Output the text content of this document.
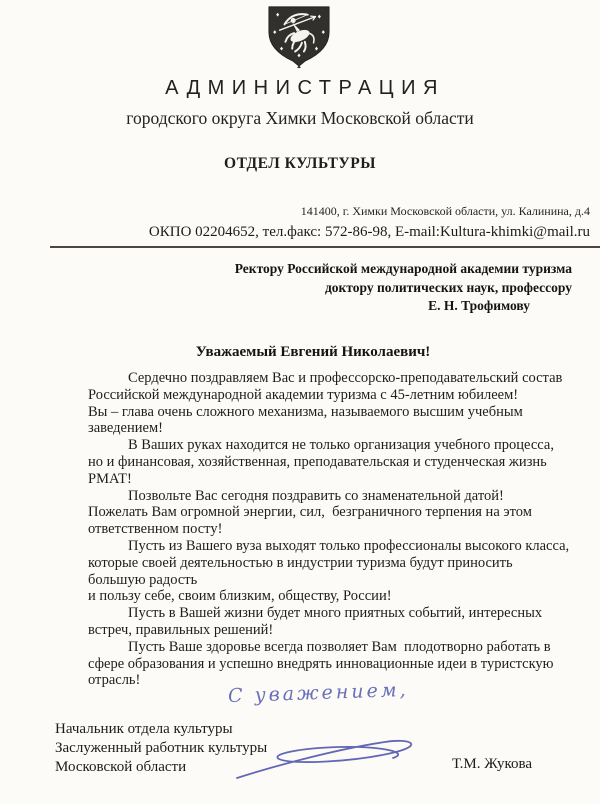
АДМИНИСТРАЦИЯ
городского округа Химки Московской области
ОТДЕЛ КУЛЬТУРЫ
141400, г. Химки Московской области, ул. Калинина, д.4
ОКПО 02204652, тел.факс: 572-86-98, E-mail:Kultura-khimki@mail.ru
Ректору Российской международной академии туризма
доктору политических наук, профессору
Е. Н. Трофимову
Уважаемый Евгений Николаевич!
Сердечно поздравляем Вас и профессорско-преподавательский состав
Российской международной академии туризма с 45-летним юбилеем!
Вы – глава очень сложного механизма, называемого высшим учебным
заведением!
В Ваших руках находится не только организация учебного процесса,
но и финансовая, хозяйственная, преподавательская и студенческая жизнь
РМАТ!
Позвольте Вас сегодня поздравить со знаменательной датой!
Пожелать Вам огромной энергии, сил,  безграничного терпения на этом
ответственном посту!
Пусть из Вашего вуза выходят только профессионалы высокого класса,
которые своей деятельностью в индустрии туризма будут приносить
большую радость
и пользу себе, своим близким, обществу, России!
Пусть в Вашей жизни будет много приятных событий, интересных
встреч, правильных решений!
Пусть Ваше здоровье всегда позволяет Вам  плодотворно работать в
сфере образования и успешно внедрять инновационные идеи в туристскую
отрасль!	С уважением,
Начальник отдела культуры
Заслуженный работник культуры
Московской области	Т.М. Жукова
